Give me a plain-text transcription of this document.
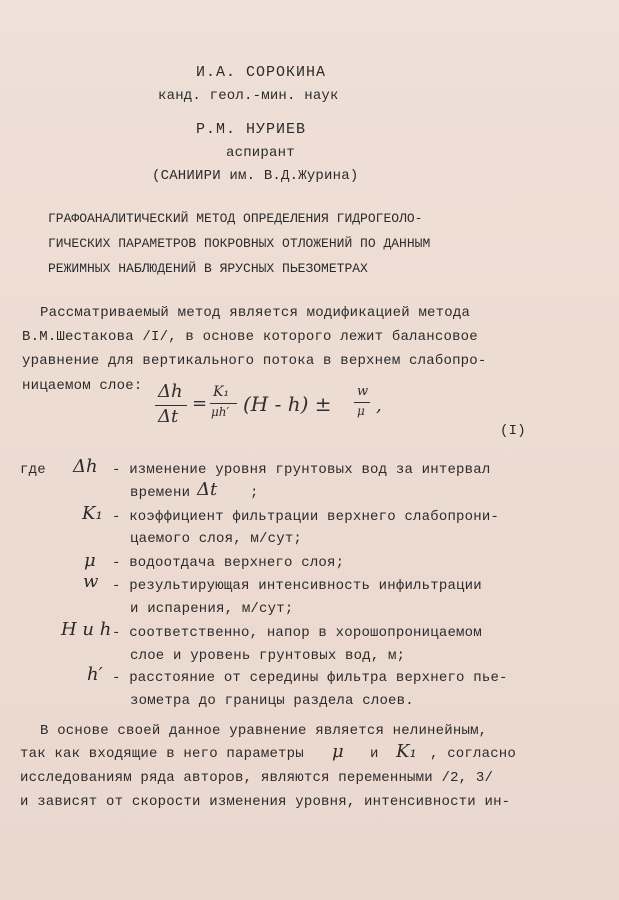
И.А. СОРОКИНА
канд. геол.-мин. наук
Р.М. НУРИЕВ
аспирант
(САНИИРИ им. В.Д.Журина)
ГРАФОАНАЛИТИЧЕСКИЙ МЕТОД ОПРЕДЕЛЕНИЯ ГИДРОГЕОЛО-
ГИЧЕСКИХ ПАРАМЕТРОВ ПОКРОВНЫХ ОТЛОЖЕНИЙ ПО ДАННЫМ
РЕЖИМНЫХ НАБЛЮДЕНИЙ В ЯРУСНЫХ ПЬЕЗОМЕТРАХ
Рассматриваемый метод является модификацией метода
В.М.Шестакова /I/, в основе которого лежит балансовое
уравнение для вертикального потока в верхнем слабопро-
ницаемом слое: Δh
Δt
=
K₁
μh′ (H - h) ±
w
μ ,
(I)
где Δh - изменение уровня грунтовых вод за интервал
времени Δt ;
K₁ - коэффициент фильтрации верхнего слабопрони-
цаемого слоя, м/сут;
μ - водоотдача верхнего слоя;
w - результирующая интенсивность инфильтрации
и испарения, м/сут;
H и h - соответственно, напор в хорошопроницаемом
слое и уровень грунтовых вод, м;
h′ - расстояние от середины фильтра верхнего пье-
зометра до границы раздела слоев.
В основе своей данное уравнение является нелинейным,
так как входящие в него параметры μ и K₁ , согласно
исследованиям ряда авторов, являются переменными /2, 3/
и зависят от скорости изменения уровня, интенсивности ин-
